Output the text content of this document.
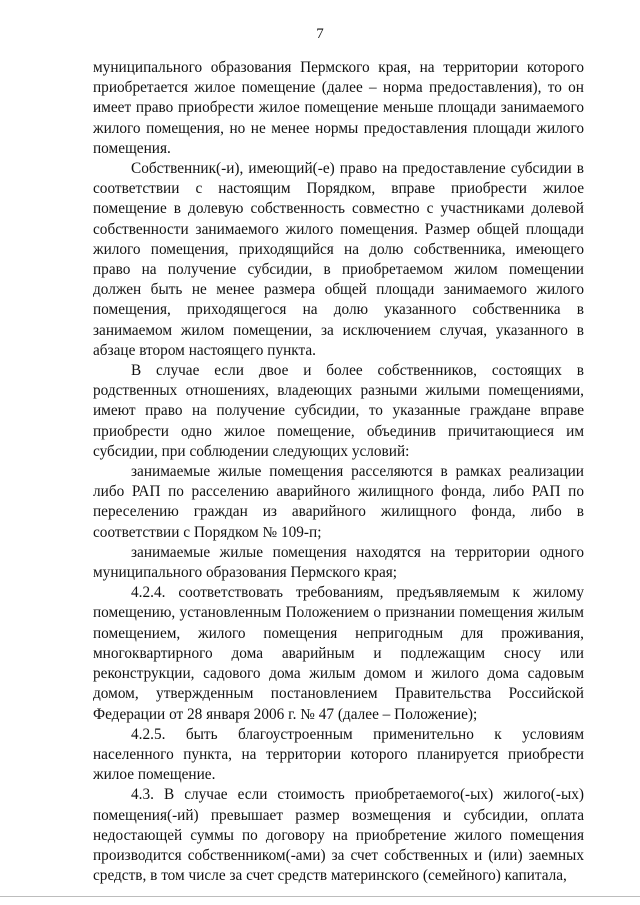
7

муниципального образования Пермского края, на территории которого приобретается жилое помещение (далее – норма предоставления), то он имеет право приобрести жилое помещение меньше площади занимаемого жилого помещения, но не менее нормы предоставления площади жилого помещения.

Собственник(-и), имеющий(-е) право на предоставление субсидии в соответствии с настоящим Порядком, вправе приобрести жилое помещение в долевую собственность совместно с участниками долевой собственности занимаемого жилого помещения. Размер общей площади жилого помещения, приходящийся на долю собственника, имеющего право на получение субсидии, в приобретаемом жилом помещении должен быть не менее размера общей площади занимаемого жилого помещения, приходящегося на долю указанного собственника в занимаемом жилом помещении, за исключением случая, указанного в абзаце втором настоящего пункта.

В случае если двое и более собственников, состоящих в родственных отношениях, владеющих разными жилыми помещениями, имеют право на получение субсидии, то указанные граждане вправе приобрести одно жилое помещение, объединив причитающиеся им субсидии, при соблюдении следующих условий:

занимаемые жилые помещения расселяются в рамках реализации либо РАП по расселению аварийного жилищного фонда, либо РАП по переселению граждан из аварийного жилищного фонда, либо в соответствии с Порядком № 109-п;

занимаемые жилые помещения находятся на территории одного муниципального образования Пермского края;

4.2.4. соответствовать требованиям, предъявляемым к жилому помещению, установленным Положением о признании помещения жилым помещением, жилого помещения непригодным для проживания, многоквартирного дома аварийным и подлежащим сносу или реконструкции, садового дома жилым домом и жилого дома садовым домом, утвержденным постановлением Правительства Российской Федерации от 28 января 2006 г. № 47 (далее – Положение);

4.2.5. быть благоустроенным применительно к условиям населенного пункта, на территории которого планируется приобрести жилое помещение.

4.3. В случае если стоимость приобретаемого(-ых) жилого(-ых) помещения(-ий) превышает размер возмещения и субсидии, оплата недостающей суммы по договору на приобретение жилого помещения производится собственником(-ами) за счет собственных и (или) заемных средств, в том числе за счет средств материнского (семейного) капитала,
